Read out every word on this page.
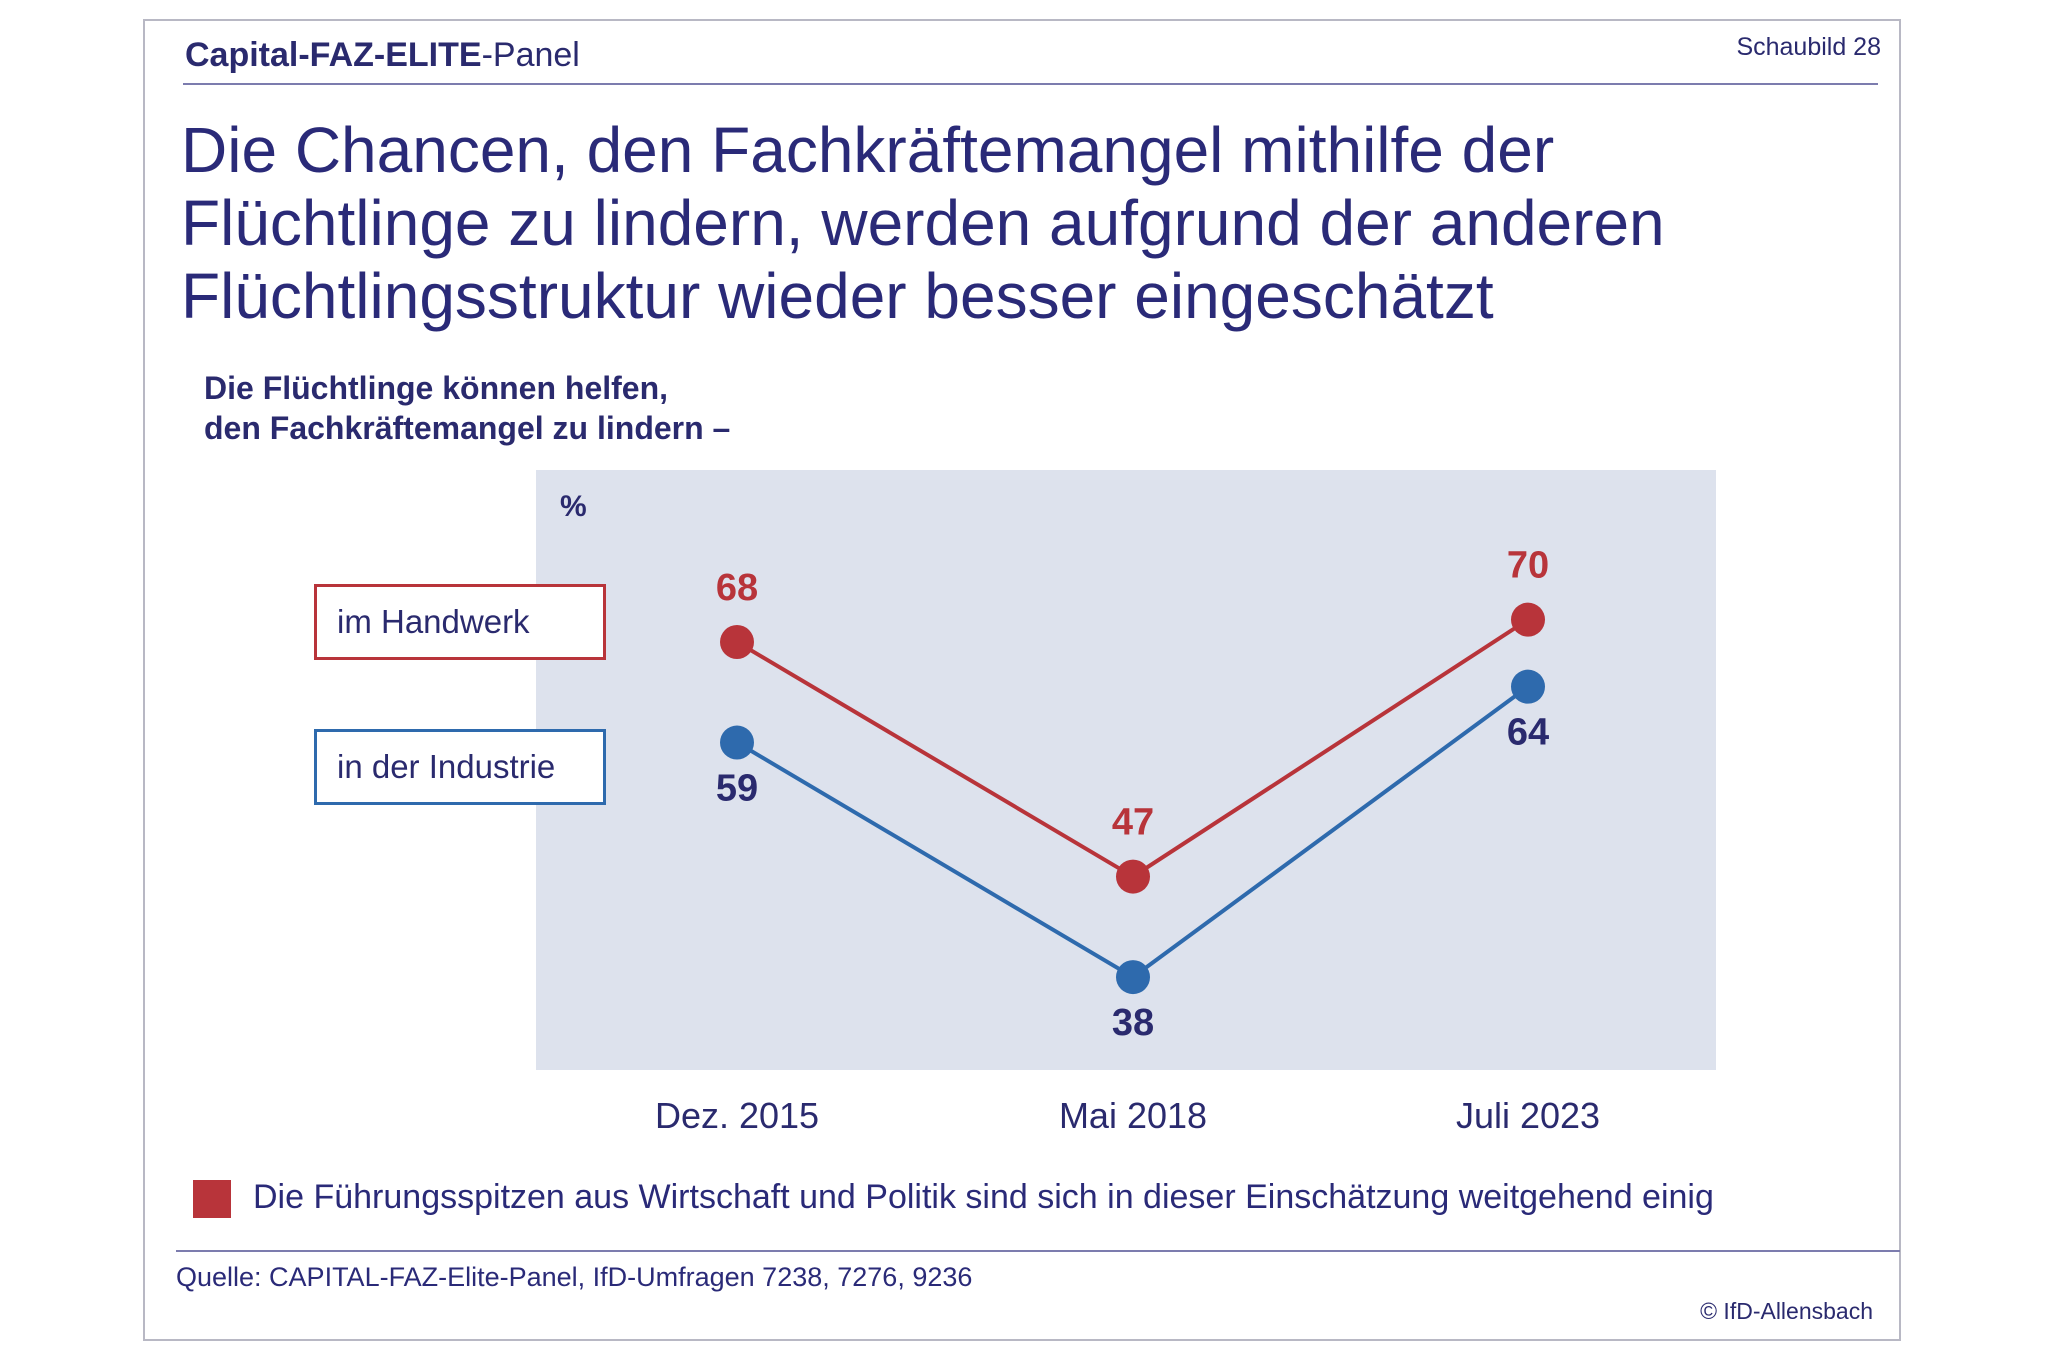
Capital-FAZ-ELITE-Panel	Schaubild 28
Die Chancen, den Fachkräftemangel mithilfe der
Flüchtlinge zu lindern, werden aufgrund der anderen
Flüchtlingsstruktur wieder besser eingeschätzt
Die Flüchtlinge können helfen,
den Fachkräftemangel zu lindern –
%
im Handwerk
in der Industrie
68
47
70
59
38
64
Dez. 2015	Mai 2018	Juli 2023
Die Führungsspitzen aus Wirtschaft und Politik sind sich in dieser Einschätzung weitgehend einig
Quelle: CAPITAL-FAZ-Elite-Panel, IfD-Umfragen 7238, 7276, 9236
© IfD-Allensbach
